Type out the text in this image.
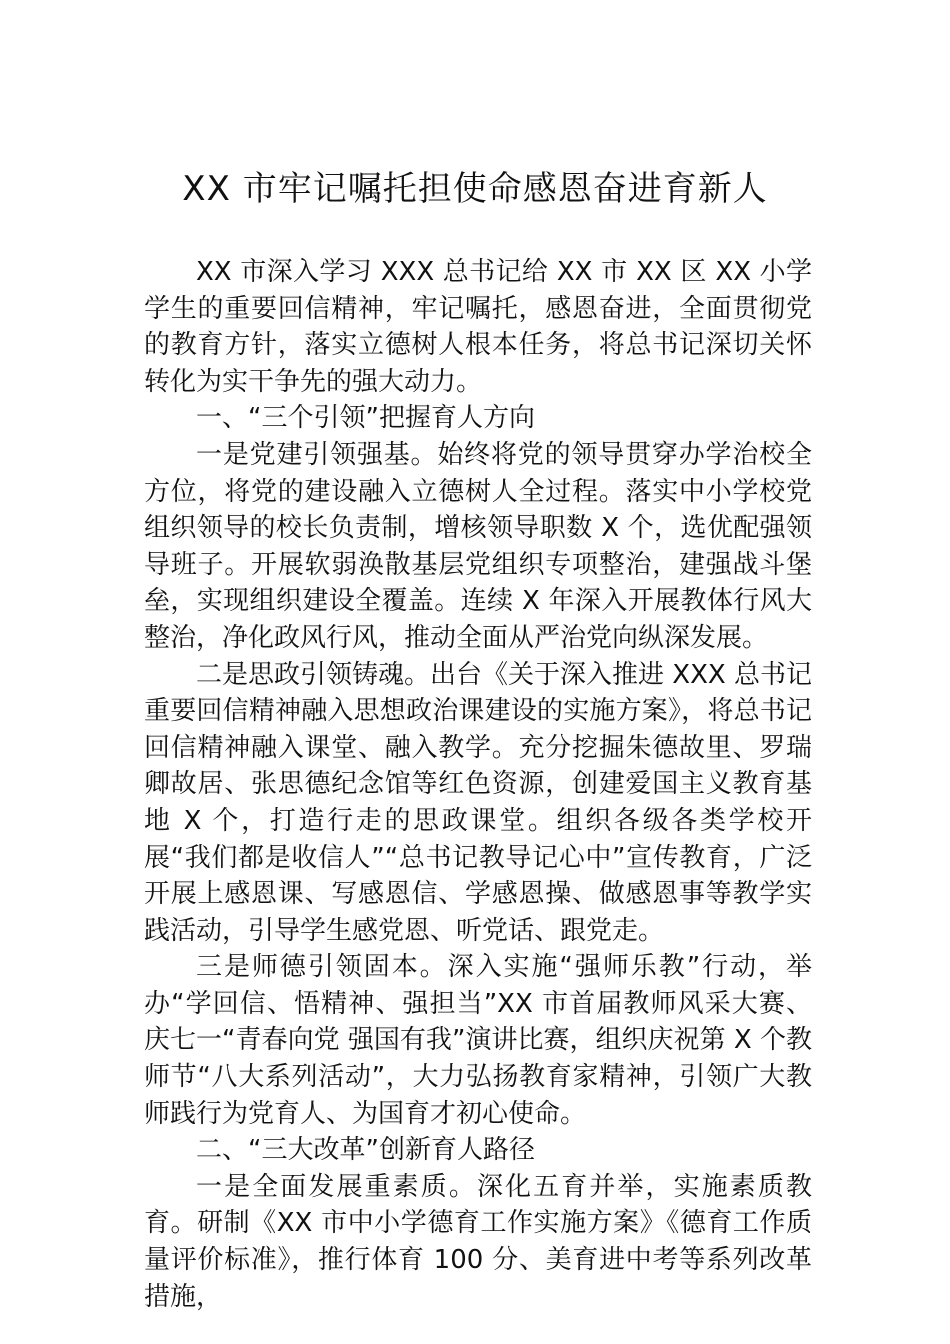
XX 市牢记嘱托担使命感恩奋进育新人

XX 市深入学习 XXX 总书记给 XX 市 XX 区 XX 小学学生的重要回信精神，牢记嘱托，感恩奋进，全面贯彻党的教育方针，落实立德树人根本任务，将总书记深切关怀转化为实干争先的强大动力。

一、“三个引领”把握育人方向

一是党建引领强基。始终将党的领导贯穿办学治校全方位，将党的建设融入立德树人全过程。落实中小学校党组织领导的校长负责制，增核领导职数 X 个，选优配强领导班子。开展软弱涣散基层党组织专项整治，建强战斗堡垒，实现组织建设全覆盖。连续 X 年深入开展教体行风大整治，净化政风行风，推动全面从严治党向纵深发展。

二是思政引领铸魂。出台《关于深入推进 XXX 总书记重要回信精神融入思想政治课建设的实施方案》，将总书记回信精神融入课堂、融入教学。充分挖掘朱德故里、罗瑞卿故居、张思德纪念馆等红色资源，创建爱国主义教育基地 X 个，打造行走的思政课堂。组织各级各类学校开展“我们都是收信人”“总书记教导记心中”宣传教育，广泛开展上感恩课、写感恩信、学感恩操、做感恩事等教学实践活动，引导学生感党恩、听党话、跟党走。

三是师德引领固本。深入实施“强师乐教”行动，举办“学回信、悟精神、强担当”XX 市首届教师风采大赛、庆七一“青春向党 强国有我”演讲比赛，组织庆祝第 X 个教师节“八大系列活动”，大力弘扬教育家精神，引领广大教师践行为党育人、为国育才初心使命。

二、“三大改革”创新育人路径

一是全面发展重素质。深化五育并举，实施素质教育。研制《XX 市中小学德育工作实施方案》《德育工作质量评价标准》，推行体育 100 分、美育进中考等系列改革措施，
